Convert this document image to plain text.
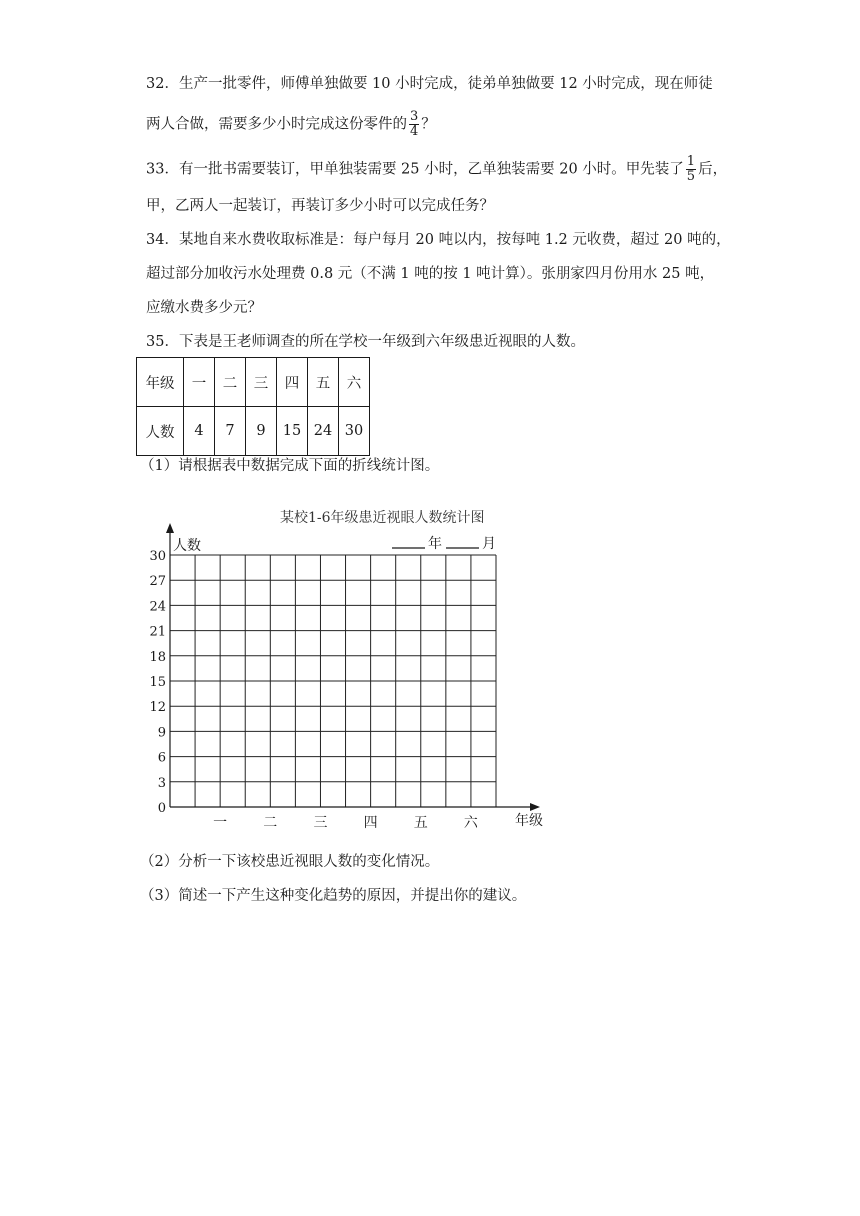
32．生产一批零件，师傅单独做要 10 小时完成，徒弟单独做要 12 小时完成，现在师徒
两人合做，需要多少小时完成这份零件的 $\frac{3}{4}$ ？
33．有一批书需要装订，甲单独装需要 25 小时，乙单独装需要 20 小时。甲先装了 $\frac{1}{5}$ 后，
甲，乙两人一起装订，再装订多少小时可以完成任务？
34．某地自来水费收取标准是：每户每月 20 吨以内，按每吨 1.2 元收费，超过 20 吨的，
超过部分加收污水处理费 0.8 元（不满 1 吨的按 1 吨计算）。张朋家四月份用水 25 吨，
应缴水费多少元？
35．下表是王老师调查的所在学校一年级到六年级患近视眼的人数。
年级	一	二	三	四	五	六
人数	4	7	9	15	24	30
（1）请根据表中数据完成下面的折线统计图。
某校1-6年级患近视眼人数统计图
人数	年	月
0
3
6
9
12
15
18
21
24
27
30
一	二	三	四	五	六	年级
（2）分析一下该校患近视眼人数的变化情况。
（3）简述一下产生这种变化趋势的原因，并提出你的建议。
